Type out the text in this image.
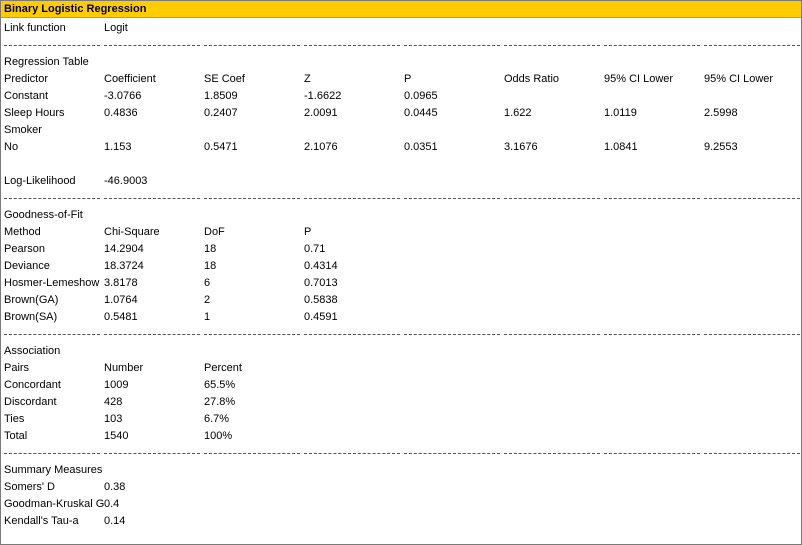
Binary Logistic Regression
Link function	Logit
Regression Table
Predictor	Coefficient	SE Coef	Z	P	Odds Ratio	95% CI Lower	95% CI Lower
Constant	-3.0766	1.8509	-1.6622	0.0965
Sleep Hours	0.4836	0.2407	2.0091	0.0445	1.622	1.0119	2.5998
Smoker
No	1.153	0.5471	2.1076	0.0351	3.1676	1.0841	9.2553
Log-Likelihood	-46.9003
Goodness-of-Fit
Method	Chi-Square	DoF	P
Pearson	14.2904	18	0.71
Deviance	18.3724	18	0.4314
Hosmer-Lemeshow 3.8178	6	0.7013
Brown(GA)	1.0764	2	0.5838
Brown(SA)	0.5481	1	0.4591
Association
Pairs	Number	Percent
Concordant	1009	65.5%
Discordant	428	27.8%
Ties	103	6.7%
Total	1540	100%
Summary Measures
Somers' D	0.38
Goodman-Kruskal G 0.4
Kendall's Tau-a 0.14
